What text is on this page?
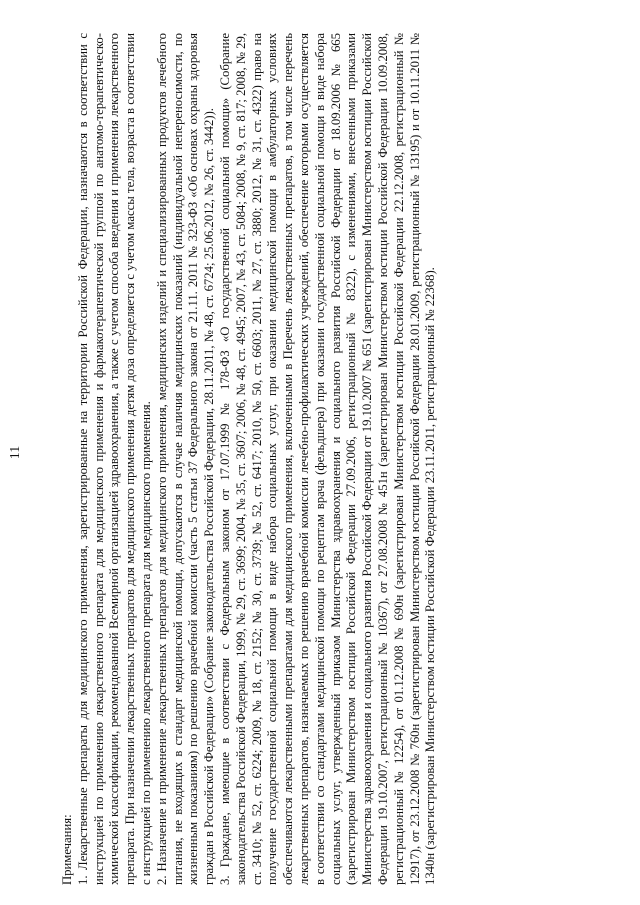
11

Примечания: 1. Лекарственные препараты для медицинского применения, зарегистрированные на территории Российской Федерации, назначаются в соответствии с инструкцией по применению лекарственного препарата для медицинского применения и фармакотерапевтической группой по анатомо-терапевтическо-химической классификации, рекомендованной Всемирной организацией здравоохранения, а также с учетом способа введения и применения лекарственного препарата. При назначении лекарственных препаратов для медицинского применения детям доза определяется с учетом массы тела, возраста в соответствии с инструкцией по применению лекарственного препарата для медицинского применения. 2. Назначение и применение лекарственных препаратов для медицинского применения, медицинских изделий и специализированных продуктов лечебного питания, не входящих в стандарт медицинской помощи, допускаются в случае наличия медицинских показаний (индивидуальной непереносимости, по жизненным показаниям) по решению врачебной комиссии (часть 5 статьи 37 Федерального закона от 21.11. 2011 № 323-ФЗ «Об основах охраны здоровья граждан в Российской Федерации» (Собрание законодательства Российской Федерации, 28.11.2011, № 48, ст. 6724; 25.06.2012, № 26, ст. 3442)). 3. Граждане, имеющие в соответствии с Федеральным законом от 17.07.1999 № 178-ФЗ «О государственной социальной помощи» (Собрание законодательства Российской Федерации, 1999, № 29, ст. 3699; 2004, № 35, ст. 3607; 2006, № 48, ст. 4945; 2007, № 43, ст. 5084; 2008, № 9, ст. 817; 2008, № 29, ст. 3410; № 52, ст. 6224; 2009, № 18, ст. 2152; № 30, ст. 3739; № 52, ст. 6417; 2010, № 50, ст. 6603; 2011, № 27, ст. 3880; 2012, № 31, ст. 4322) право на получение государственной социальной помощи в виде набора социальных услуг, при оказании медицинской помощи в амбулаторных условиях обеспечиваются лекарственными препаратами для медицинского применения, включенными в Перечень лекарственных препаратов, в том числе перечень лекарственных препаратов, назначаемых по решению врачебной комиссии лечебно-профилактических учреждений, обеспечение которыми осуществляется в соответствии со стандартами медицинской помощи по рецептам врача (фельдшера) при оказании государственной социальной помощи в виде набора социальных услуг, утвержденный приказом Министерства здравоохранения и социального развития Российской Федерации от 18.09.2006 № 665 (зарегистрирован Министерством юстиции Российской Федерации 27.09.2006, регистрационный № 8322), с изменениями, внесенными приказами Министерства здравоохранения и социального развития Российской Федерации от 19.10.2007 № 651 (зарегистрирован Министерством юстиции Российской Федерации 19.10.2007, регистрационный № 10367), от 27.08.2008 № 451н (зарегистрирован Министерством юстиции Российской Федерации 10.09.2008, регистрационный № 12254), от 01.12.2008 № 690н (зарегистрирован Министерством юстиции Российской Федерации 22.12.2008, регистрационный № 12917), от 23.12.2008 № 760н (зарегистрирован Министерством юстиции Российской Федерации 28.01.2009, регистрационный № 13195) и от 10.11.2011 № 1340н (зарегистрирован Министерством юстиции Российской Федерации 23.11.2011, регистрационный № 22368).
